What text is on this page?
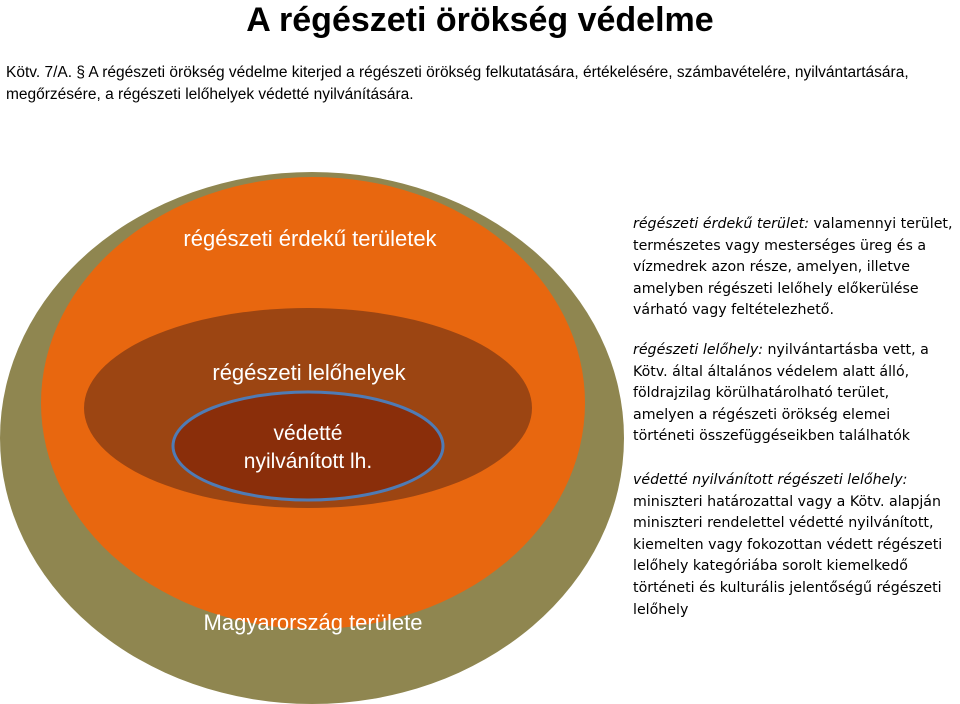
A régészeti örökség védelme
Kötv. 7/A. § A régészeti örökség védelme kiterjed a régészeti örökség felkutatására, értékelésére, számbavételére, nyilvántartására, megőrzésére, a régészeti lelőhelyek védetté nyilvánítására.
régészeti érdekű területek
régészeti lelőhelyek
védetté
nyilvánított lh.
Magyarország területe

régészeti érdekű terület: valamennyi terület, természetes vagy mesterséges üreg és a vízmedrek azon része, amelyen, illetve amelyben régészeti lelőhely előkerülése várható vagy feltételezhető.

régészeti lelőhely: nyilvántartásba vett, a Kötv. által általános védelem alatt álló, földrajzilag körülhatárolható terület, amelyen a régészeti örökség elemei történeti összefüggéseikben találhatók

védetté nyilvánított régészeti lelőhely: miniszteri határozattal vagy a Kötv. alapján miniszteri rendelettel védetté nyilvánított, kiemelten vagy fokozottan védett régészeti lelőhely kategóriába sorolt kiemelkedő történeti és kulturális jelentőségű régészeti lelőhely
